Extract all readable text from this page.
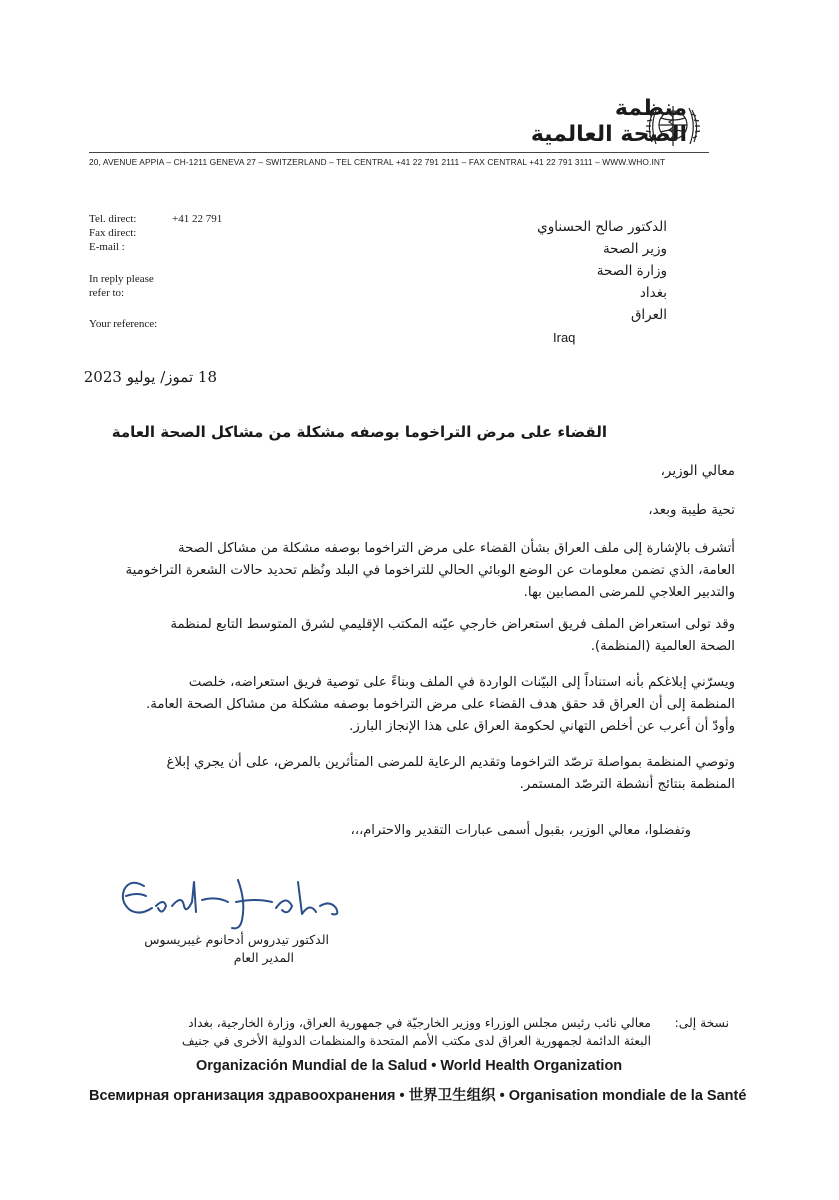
منظمة
الصحة العالمية
20, AVENUE APPIA – CH-1211 GENEVA 27 – SWITZERLAND – TEL CENTRAL +41 22 791 2111 – FAX CENTRAL +41 22 791 3111 – WWW.WHO.INT
Tel. direct:	+41 22 791
Fax direct:
E-mail :
In reply please
refer to:
Your reference:
الدكتور صالح الحسناوي
وزير الصحة
وزارة الصحة
بغداد
العراق
Iraq
18 تموز/ يوليو 2023
القضاء على مرض التراخوما بوصفه مشكلة من مشاكل الصحة العامة
معالي الوزير،
تحية طيبة وبعد،
أتشرف بالإشارة إلى ملف العراق بشأن القضاء على مرض التراخوما بوصفه مشكلة من مشاكل الصحة
العامة، الذي تضمن معلومات عن الوضع الوبائي الحالي للتراخوما في البلد ونُظم تحديد حالات الشعرة التراخومية
والتدبير العلاجي للمرضى المصابين بها.
وقد تولى استعراض الملف فريق استعراض خارجي عيّنه المكتب الإقليمي لشرق المتوسط التابع لمنظمة
الصحة العالمية (المنظمة).
ويسرّني إبلاغكم بأنه استناداً إلى البيّنات الواردة في الملف وبناءً على توصية فريق استعراضه، خلصت
المنظمة إلى أن العراق قد حقق هدف القضاء على مرض التراخوما بوصفه مشكلة من مشاكل الصحة العامة.
وأودّ أن أعرب عن أخلص التهاني لحكومة العراق على هذا الإنجاز البارز.
وتوصي المنظمة بمواصلة ترصّد التراخوما وتقديم الرعاية للمرضى المتأثرين بالمرض، على أن يجري إبلاغ
المنظمة بنتائج أنشطة الترصّد المستمر.
وتفضلوا، معالي الوزير، بقبول أسمى عبارات التقدير والاحترام،،،
الدكتور تيدروس أدحانوم غيبريسوس
المدير العام
نسخة إلى:
معالي نائب رئيس مجلس الوزراء ووزير الخارجيّة في جمهورية العراق، وزارة الخارجية، بغداد
البعثة الدائمة لجمهورية العراق لدى مكتب الأمم المتحدة والمنظمات الدولية الأخرى في جنيف
Organización Mundial de la Salud • World Health Organization
Всемирная организация здравоохранения • 世界卫生组织 • Organisation mondiale de la Santé
